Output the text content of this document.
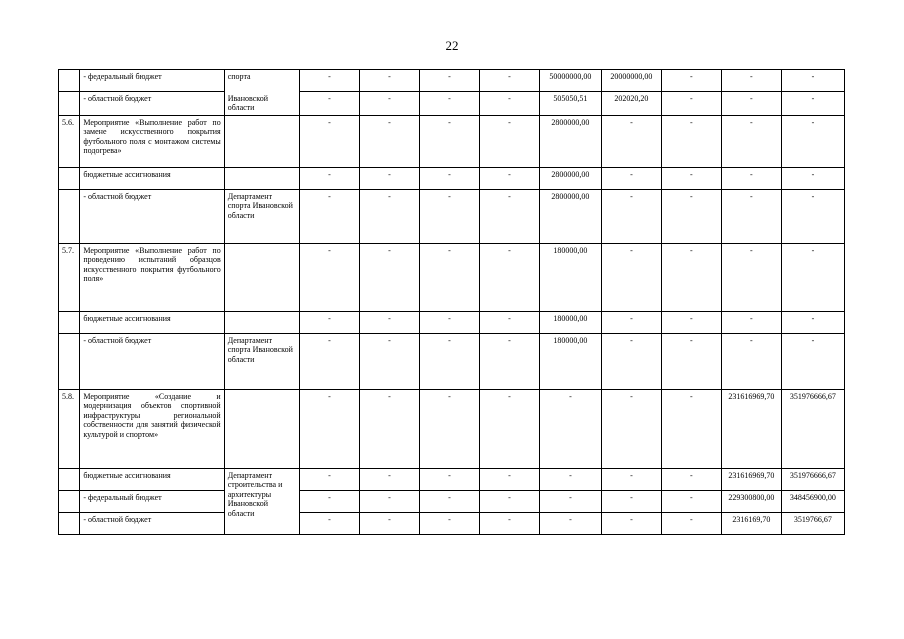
22
	- федеральный бюджет	спорта	-	-	-	-	50000000,00	20000000,00	-	-	-
	- областной бюджет	Ивановской области	-	-	-	-	505050,51	202020,20	-	-	-
5.6.	Мероприятие «Выполнение работ по замене искусственного покрытия футбольного поля с монтажом системы подогрева»		-	-	-	-	2800000,00	-	-	-	-
	бюджетные ассигнования		-	-	-	-	2800000,00	-	-	-	-
	- областной бюджет	Департамент спорта Ивановской области	-	-	-	-	2800000,00	-	-	-	-
5.7.	Мероприятие «Выполнение работ по проведению испытаний образцов искусственного покрытия футбольного поля»		-	-	-	-	180000,00	-	-	-	-
	бюджетные ассигнования		-	-	-	-	180000,00	-	-	-	-
	- областной бюджет	Департамент спорта Ивановской области	-	-	-	-	180000,00	-	-	-	-
5.8.	Мероприятие «Создание и модернизация объектов спортивной инфраструктуры региональной собственности для занятий физической культурой и спортом»		-	-	-	-	-	-	-	231616969,70	351976666,67
	бюджетные ассигнования	Департамент строительства и архитектуры Ивановской области	-	-	-	-	-	-	-	231616969,70	351976666,67
	- федеральный бюджет		-	-	-	-	-	-	-	229300800,00	348456900,00
	- областной бюджет		-	-	-	-	-	-	-	2316169,70	3519766,67
